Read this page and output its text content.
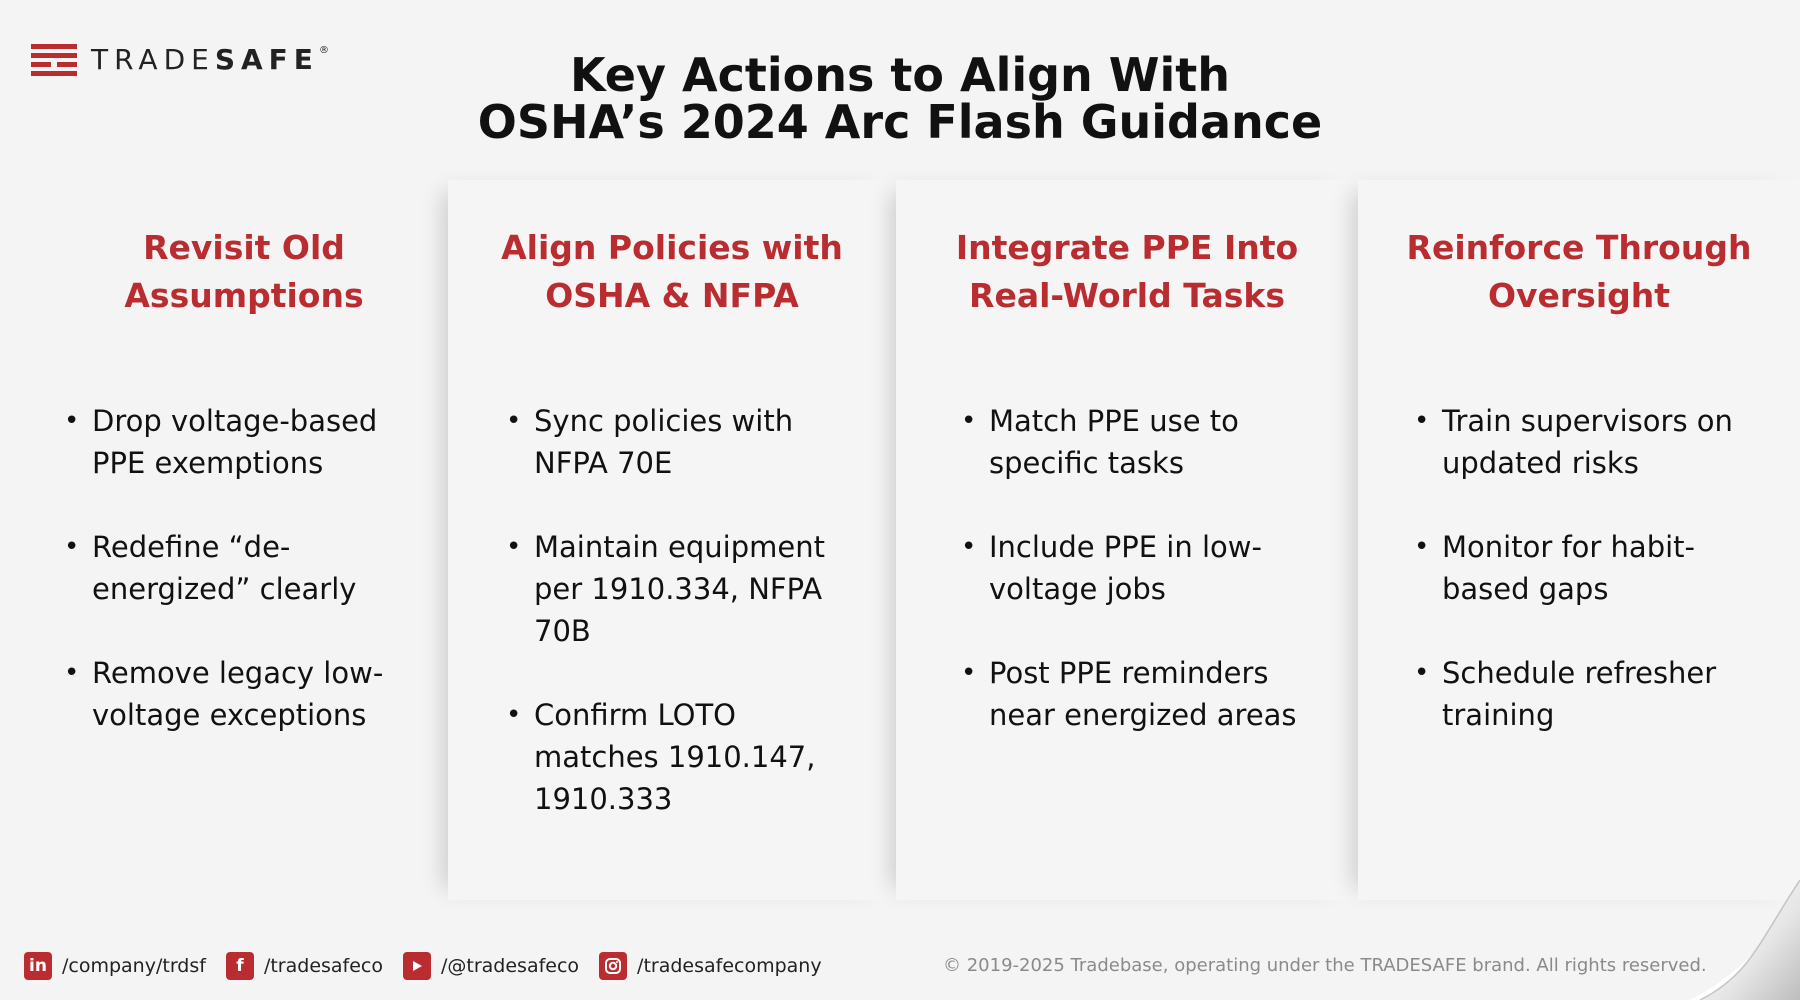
TRADESAFE®	Key Actions to Align With
OSHA’s 2024 Arc Flash Guidance
Revisit Old
Assumptions
• Drop voltage-based PPE exemptions
• Redefine “de-energized” clearly
• Remove legacy low-voltage exceptions
Align Policies with
OSHA & NFPA
• Sync policies with NFPA 70E
• Maintain equipment per 1910.334, NFPA 70B
• Confirm LOTO matches 1910.147, 1910.333
Integrate PPE Into
Real-World Tasks
• Match PPE use to specific tasks
• Include PPE in low-voltage jobs
• Post PPE reminders near energized areas
Reinforce Through
Oversight
• Train supervisors on updated risks
• Monitor for habit-based gaps
• Schedule refresher training
in /company/trdsf	f	/tradesafeco	/@tradesafeco	/tradesafecompany	© 2019-2025 Tradebase, operating under the TRADESAFE brand. All rights reserved.
